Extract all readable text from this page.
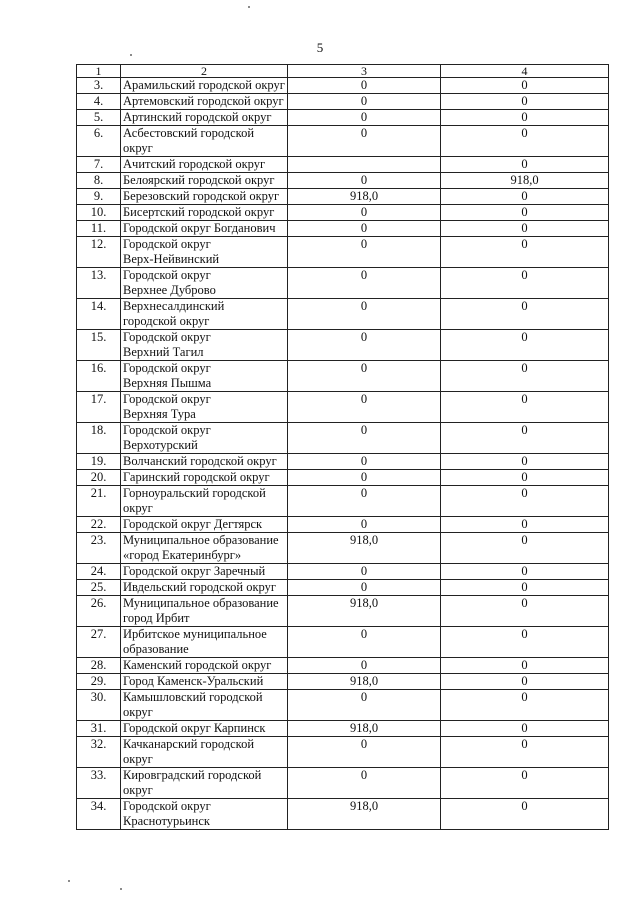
5
1	2	3	4
3.	Арамильский городской округ	0	0
4.	Артемовский городской округ	0	0
5.	Артинский городской округ	0	0
6.	Асбестовский городской округ	0	0
7.	Ачитский городской округ		0
8.	Белоярский городской округ	0	918,0
9.	Березовский городской округ	918,0	0
10.	Бисертский городской округ	0	0
11.	Городской округ Богданович	0	0
12.	Городской округ
Верх-Нейвинский	0	0
13.	Городской округ
Верхнее Дуброво	0	0
14.	Верхнесалдинский
городской округ	0	0
15.	Городской округ
Верхний Тагил	0	0
16.	Городской округ
Верхняя Пышма	0	0
17.	Городской округ
Верхняя Тура	0	0
18.	Городской округ
Верхотурский	0	0
19.	Волчанский городской округ	0	0
20.	Гаринский городской округ	0	0
21.	Горноуральский городской округ	0	0
22.	Городской округ Дегтярск	0	0
23.	Муниципальное образование «город Екатеринбург»	918,0	0
24.	Городской округ Заречный	0	0
25.	Ивдельский городской округ	0	0
26.	Муниципальное образование город Ирбит	918,0	0
27.	Ирбитское муниципальное образование	0	0
28.	Каменский городской округ	0	0
29.	Город Каменск-Уральский	918,0	0
30.	Камышловский городской округ	0	0
31.	Городской округ Карпинск	918,0	0
32.	Качканарский городской округ	0	0
33.	Кировградский городской округ	0	0
34.	Городской округ
Краснотурьинск	918,0	0
